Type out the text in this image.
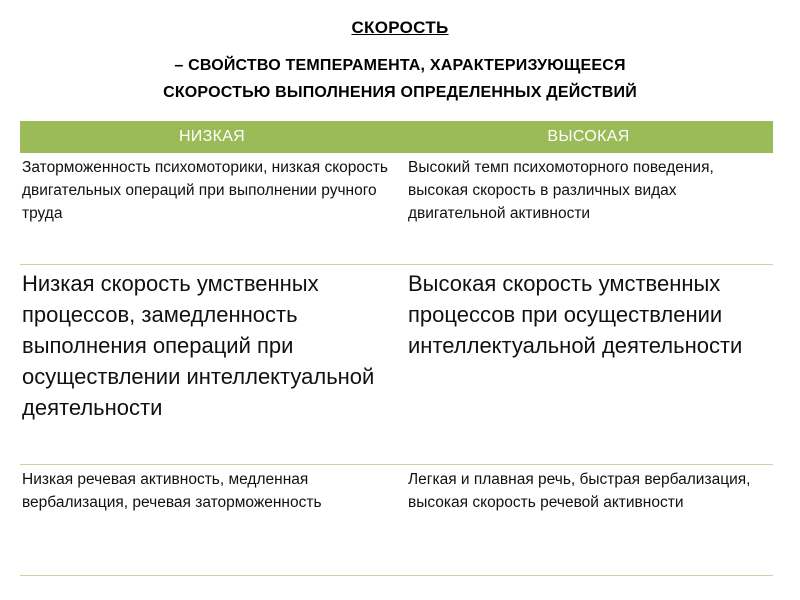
СКОРОСТЬ
– СВОЙСТВО ТЕМПЕРАМЕНТА, ХАРАКТЕРИЗУЮЩЕЕСЯ
СКОРОСТЬЮ ВЫПОЛНЕНИЯ ОПРЕДЕЛЕННЫХ ДЕЙСТВИЙ
НИЗКАЯ	ВЫСОКАЯ
Заторможенность психомоторики, низкая скорость двигательных операций при выполнении ручного труда	Высокий темп психомоторного поведения, высокая скорость в различных видах двигательной активности
Низкая скорость умственных процессов, замедленность выполнения операций при осуществлении интеллектуальной деятельности	Высокая скорость умственных процессов при осуществлении интеллектуальной деятельности
Низкая речевая активность, медленная вербализация, речевая заторможенность	Легкая и плавная речь, быстрая вербализация, высокая скорость речевой активности
